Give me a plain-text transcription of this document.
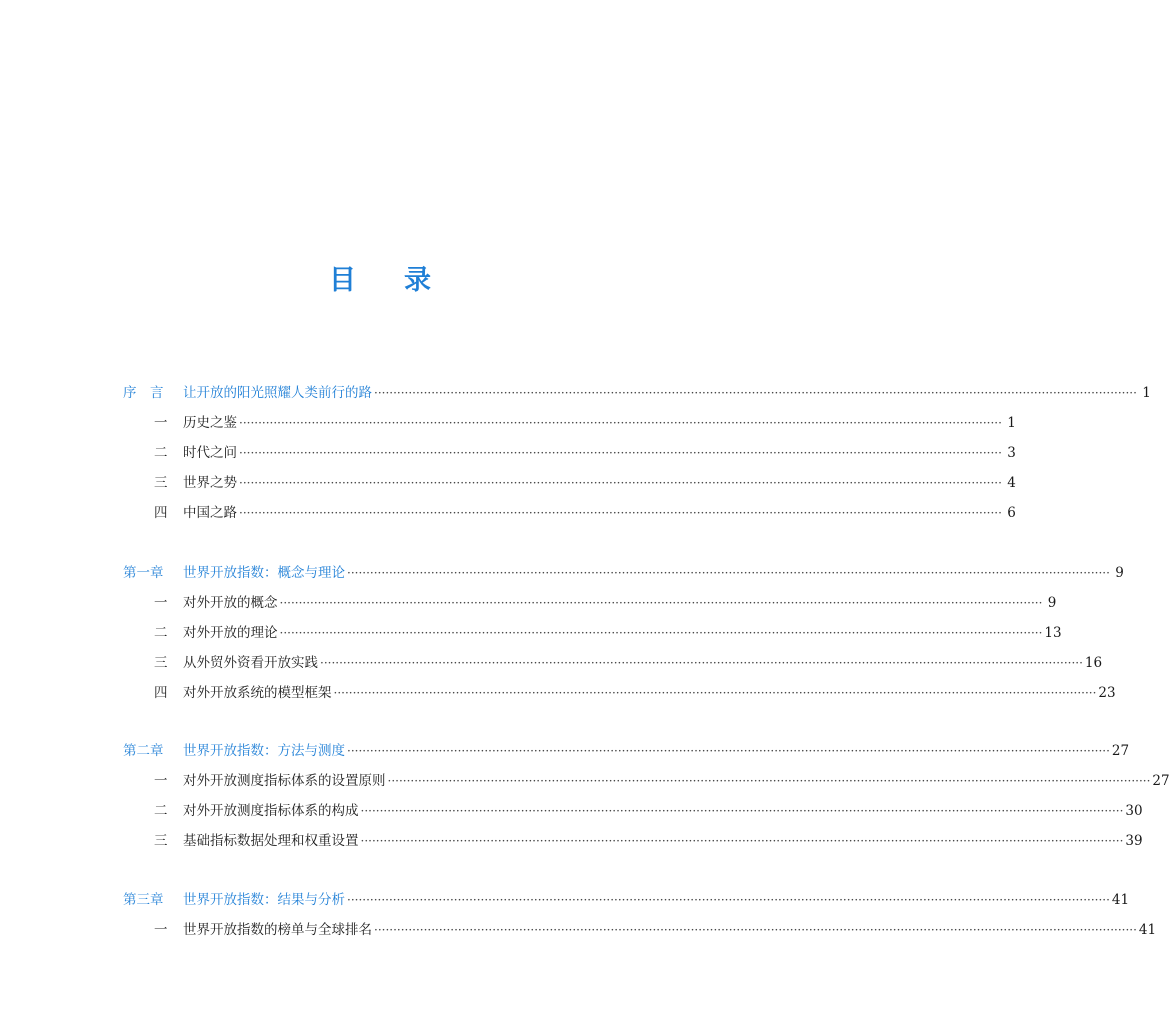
目 录
序　言	让开放的阳光照耀人类前行的路 ········································································································································································································ 1
一	历史之鉴 ········································································································································································································ 1
二	时代之问 ········································································································································································································ 3
三	世界之势 ········································································································································································································ 4
四	中国之路 ········································································································································································································ 6
第一章	世界开放指数：概念与理论 ········································································································································································································ 9
一	对外开放的概念 ········································································································································································································ 9
二	对外开放的理论 ········································································································································································································ 13
三	从外贸外资看开放实践 ········································································································································································································ 16
四	对外开放系统的模型框架 ········································································································································································································ 23
第二章	世界开放指数：方法与测度 ········································································································································································································ 27
一	对外开放测度指标体系的设置原则 ········································································································································································································ 27
二	对外开放测度指标体系的构成 ········································································································································································································ 30
三	基础指标数据处理和权重设置 ········································································································································································································ 39
第三章	世界开放指数：结果与分析 ········································································································································································································ 41
一	世界开放指数的榜单与全球排名 ········································································································································································································ 41
